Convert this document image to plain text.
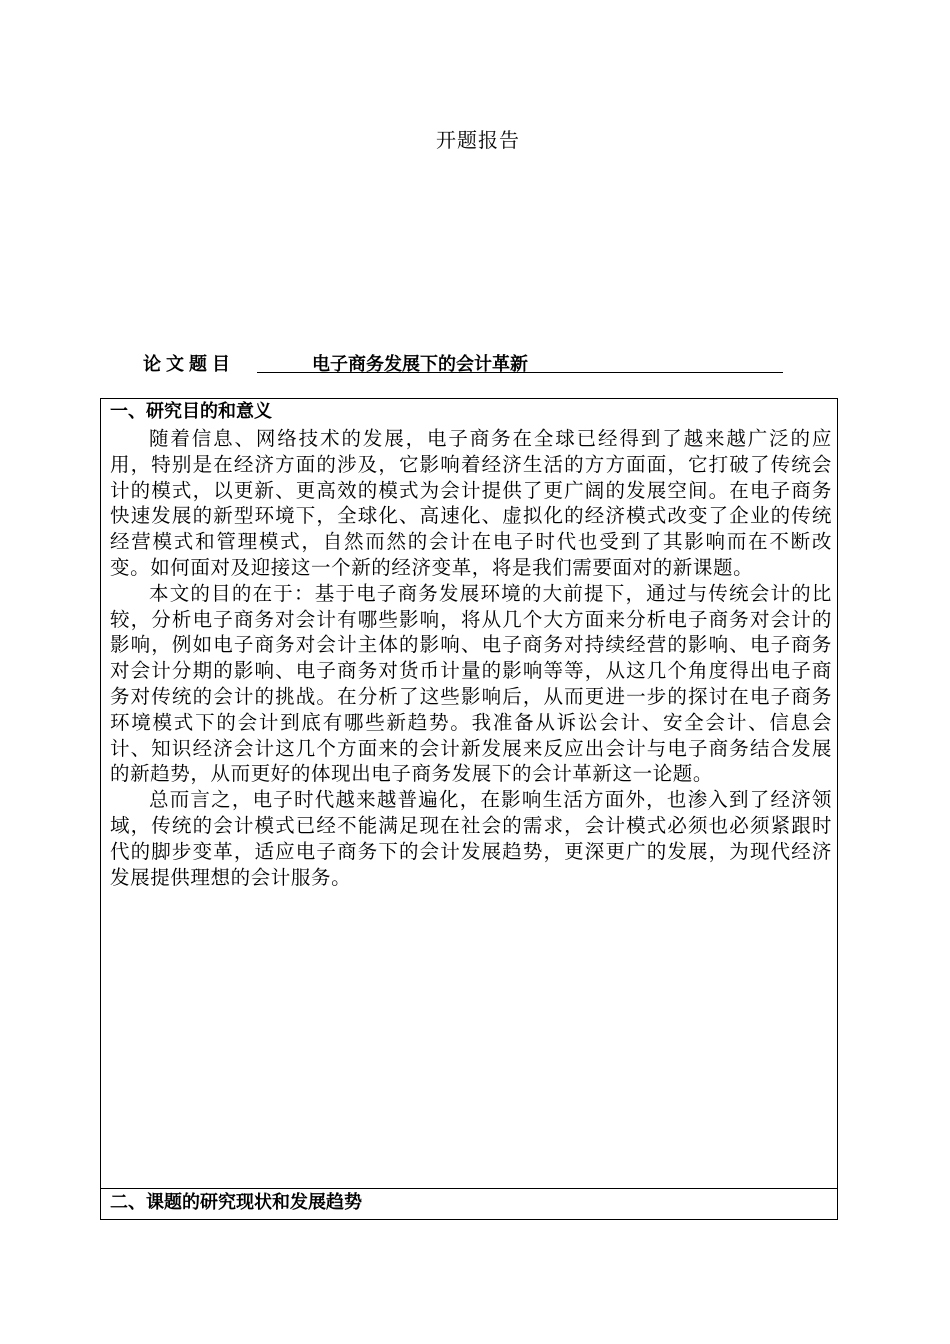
开题报告
论文题目	电子商务发展下的会计革新
一、研究目的和意义

随着信息、网络技术的发展，电子商务在全球已经得到了越来越广泛的应用，特别是在经济方面的涉及，它影响着经济生活的方方面面，它打破了传统会计的模式，以更新、更高效的模式为会计提供了更广阔的发展空间。在电子商务快速发展的新型环境下，全球化、高速化、虚拟化的经济模式改变了企业的传统经营模式和管理模式，自然而然的会计在电子时代也受到了其影响而在不断改变。如何面对及迎接这一个新的经济变革，将是我们需要面对的新课题。

本文的目的在于：基于电子商务发展环境的大前提下，通过与传统会计的比较，分析电子商务对会计有哪些影响，将从几个大方面来分析电子商务对会计的影响，例如电子商务对会计主体的影响、电子商务对持续经营的影响、电子商务对会计分期的影响、电子商务对货币计量的影响等等，从这几个角度得出电子商务对传统的会计的挑战。在分析了这些影响后，从而更进一步的探讨在电子商务环境模式下的会计到底有哪些新趋势。我准备从诉讼会计、安全会计、信息会计、知识经济会计这几个方面来的会计新发展来反应出会计与电子商务结合发展的新趋势，从而更好的体现出电子商务发展下的会计革新这一论题。

总而言之，电子时代越来越普遍化，在影响生活方面外，也渗入到了经济领域，传统的会计模式已经不能满足现在社会的需求，会计模式必须也必须紧跟时代的脚步变革，适应电子商务下的会计发展趋势，更深更广的发展，为现代经济发展提供理想的会计服务。

二、课题的研究现状和发展趋势
